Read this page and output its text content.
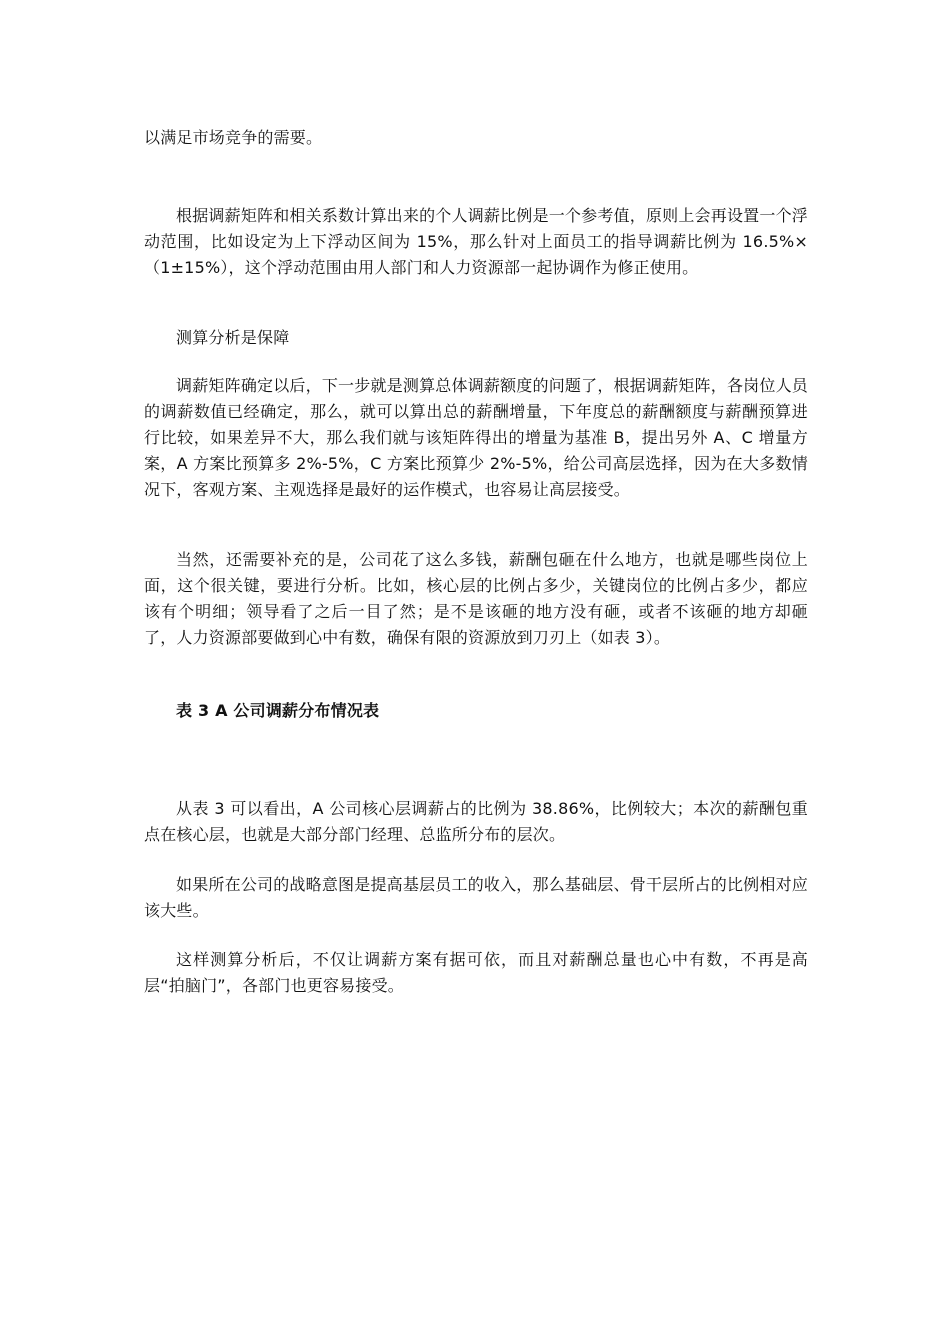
以满足市场竞争的需要。

根据调薪矩阵和相关系数计算出来的个人调薪比例是一个参考值，原则上会再设置一个浮动范围，比如设定为上下浮动区间为 15%，那么针对上面员工的指导调薪比例为 16.5%×（1±15%），这个浮动范围由用人部门和人力资源部一起协调作为修正使用。

测算分析是保障

调薪矩阵确定以后，下一步就是测算总体调薪额度的问题了，根据调薪矩阵，各岗位人员的调薪数值已经确定，那么，就可以算出总的薪酬增量，下年度总的薪酬额度与薪酬预算进行比较，如果差异不大，那么我们就与该矩阵得出的增量为基准 B，提出另外 A、C 增量方案，A 方案比预算多 2%-5%，C 方案比预算少 2%-5%，给公司高层选择，因为在大多数情况下，客观方案、主观选择是最好的运作模式，也容易让高层接受。

当然，还需要补充的是，公司花了这么多钱，薪酬包砸在什么地方，也就是哪些岗位上面，这个很关键，要进行分析。比如，核心层的比例占多少，关键岗位的比例占多少，都应该有个明细；领导看了之后一目了然；是不是该砸的地方没有砸，或者不该砸的地方却砸了，人力资源部要做到心中有数，确保有限的资源放到刀刃上（如表 3）。

表 3 A 公司调薪分布情况表

从表 3 可以看出，A 公司核心层调薪占的比例为 38.86%，比例较大；本次的薪酬包重点在核心层，也就是大部分部门经理、总监所分布的层次。

如果所在公司的战略意图是提高基层员工的收入，那么基础层、骨干层所占的比例相对应该大些。

这样测算分析后，不仅让调薪方案有据可依，而且对薪酬总量也心中有数，不再是高层“拍脑门”，各部门也更容易接受。
